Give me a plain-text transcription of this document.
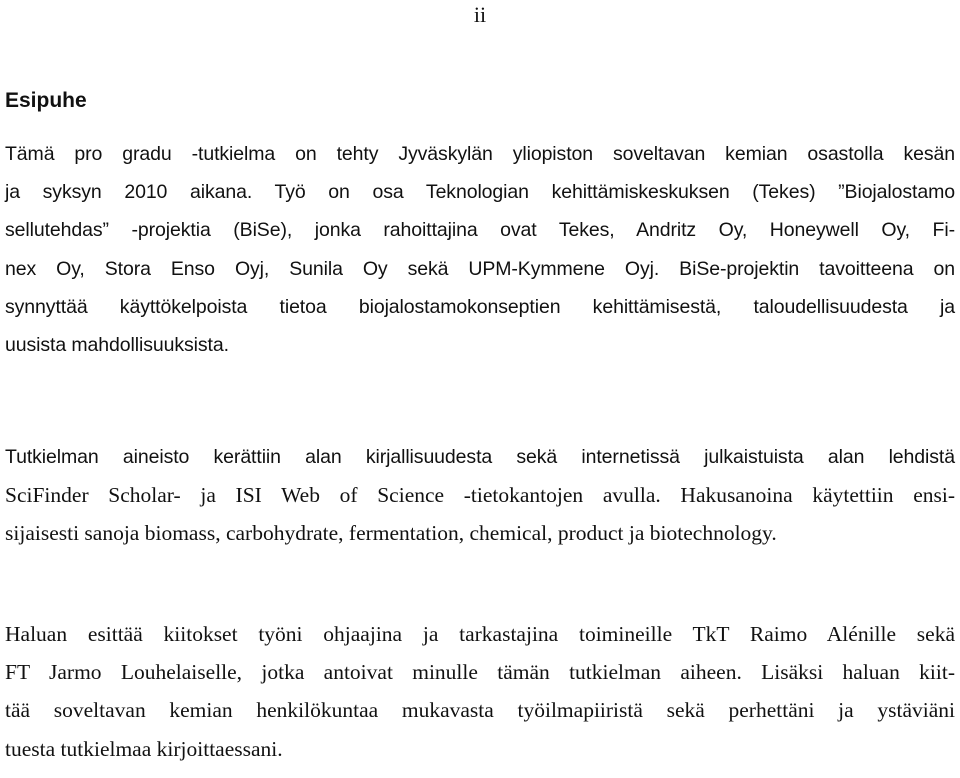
ii
Esipuhe
Tämä pro gradu -tutkielma on tehty Jyväskylän yliopiston soveltavan kemian osastolla kesän
ja syksyn 2010 aikana. Työ on osa Teknologian kehittämiskeskuksen (Tekes) ”Biojalostamo
sellutehdas” -projektia (BiSe), jonka rahoittajina ovat Tekes, Andritz Oy, Honeywell Oy, Fi-
nex Oy, Stora Enso Oyj, Sunila Oy sekä UPM-Kymmene Oyj. BiSe-projektin tavoitteena on
synnyttää käyttökelpoista tietoa biojalostamokonseptien kehittämisestä, taloudellisuudesta ja
uusista mahdollisuuksista.
Tutkielman aineisto kerättiin alan kirjallisuudesta sekä internetissä julkaistuista alan lehdistä
SciFinder Scholar- ja ISI Web of Science -tietokantojen avulla. Hakusanoina käytettiin ensi-
sijaisesti sanoja biomass, carbohydrate, fermentation, chemical, product ja biotechnology.
Haluan esittää kiitokset työni ohjaajina ja tarkastajina toimineille TkT Raimo Alénille sekä
FT Jarmo Louhelaiselle, jotka antoivat minulle tämän tutkielman aiheen. Lisäksi haluan kiit-
tää soveltavan kemian henkilökuntaa mukavasta työilmapiiristä sekä perhettäni ja ystäviäni
tuesta tutkielmaa kirjoittaessani.
